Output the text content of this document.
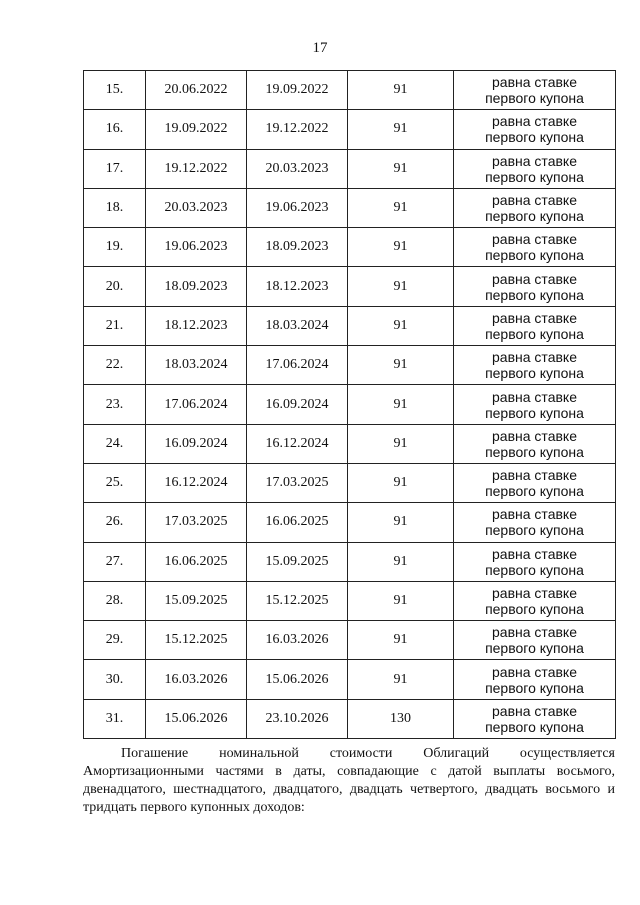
17
15.	20.06.2022	19.09.2022	91	равна ставке
первого купона

16.	19.09.2022	19.12.2022	91	равна ставке
первого купона

17.	19.12.2022	20.03.2023	91	равна ставке
первого купона

18.	20.03.2023	19.06.2023	91	равна ставке
первого купона

19.	19.06.2023	18.09.2023	91	равна ставке
первого купона

20.	18.09.2023	18.12.2023	91	равна ставке
первого купона

21.	18.12.2023	18.03.2024	91	равна ставке
первого купона

22.	18.03.2024	17.06.2024	91	равна ставке
первого купона

23.	17.06.2024	16.09.2024	91	равна ставке
первого купона

24.	16.09.2024	16.12.2024	91	равна ставке
первого купона

25.	16.12.2024	17.03.2025	91	равна ставке
первого купона

26.	17.03.2025	16.06.2025	91	равна ставке
первого купона

27.	16.06.2025	15.09.2025	91	равна ставке
первого купона

28.	15.09.2025	15.12.2025	91	равна ставке
первого купона

29.	15.12.2025	16.03.2026	91	равна ставке
первого купона

30.	16.03.2026	15.06.2026	91	равна ставке
первого купона

31.	15.06.2026	23.10.2026	130	равна ставке
первого купона

Погашение номинальной стоимости Облигаций осуществляется Амортизационными частями в даты, совпадающие с датой выплаты восьмого, двенадцатого, шестнадцатого, двадцатого, двадцать четвертого, двадцать восьмого и тридцать первого купонных доходов:
